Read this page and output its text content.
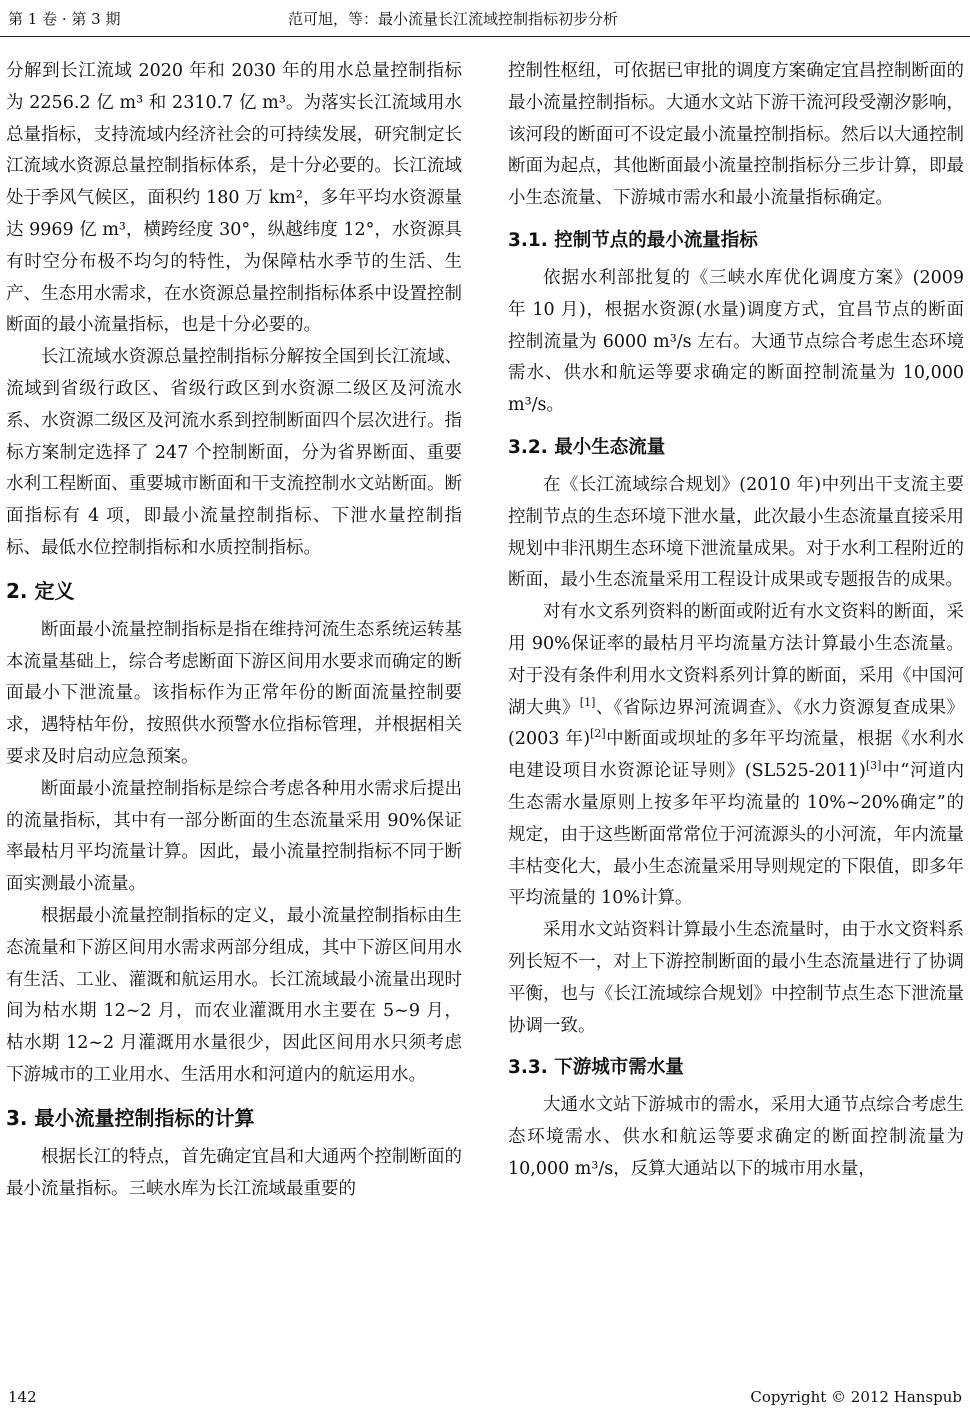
第 1 卷 · 第 3 期	范可旭，等：最小流量长江流域控制指标初步分析

分解到长江流域 2020 年和 2030 年的用水总量控制指标为 2256.2 亿 m³ 和 2310.7 亿 m³。为落实长江流域用水总量指标，支持流域内经济社会的可持续发展，研究制定长江流域水资源总量控制指标体系，是十分必要的。长江流域处于季风气候区，面积约 180 万 km²，多年平均水资源量达 9969 亿 m³，横跨经度 30°，纵越纬度 12°，水资源具有时空分布极不均匀的特性，为保障枯水季节的生活、生产、生态用水需求，在水资源总量控制指标体系中设置控制断面的最小流量指标，也是十分必要的。

长江流域水资源总量控制指标分解按全国到长江流域、流域到省级行政区、省级行政区到水资源二级区及河流水系、水资源二级区及河流水系到控制断面四个层次进行。指标方案制定选择了 247 个控制断面，分为省界断面、重要水利工程断面、重要城市断面和干支流控制水文站断面。断面指标有 4 项，即最小流量控制指标、下泄水量控制指标、最低水位控制指标和水质控制指标。

2. 定义

断面最小流量控制指标是指在维持河流生态系统运转基本流量基础上，综合考虑断面下游区间用水要求而确定的断面最小下泄流量。该指标作为正常年份的断面流量控制要求，遇特枯年份，按照供水预警水位指标管理，并根据相关要求及时启动应急预案。

断面最小流量控制指标是综合考虑各种用水需求后提出的流量指标，其中有一部分断面的生态流量采用 90%保证率最枯月平均流量计算。因此，最小流量控制指标不同于断面实测最小流量。

根据最小流量控制指标的定义，最小流量控制指标由生态流量和下游区间用水需求两部分组成，其中下游区间用水有生活、工业、灌溉和航运用水。长江流域最小流量出现时间为枯水期 12~2 月，而农业灌溉用水主要在 5~9 月，枯水期 12~2 月灌溉用水量很少，因此区间用水只须考虑下游城市的工业用水、生活用水和河道内的航运用水。

3. 最小流量控制指标的计算

根据长江的特点，首先确定宜昌和大通两个控制断面的最小流量指标。三峡水库为长江流域最重要的

控制性枢纽，可依据已审批的调度方案确定宜昌控制断面的最小流量控制指标。大通水文站下游干流河段受潮汐影响，该河段的断面可不设定最小流量控制指标。然后以大通控制断面为起点，其他断面最小流量控制指标分三步计算，即最小生态流量、下游城市需水和最小流量指标确定。

3.1. 控制节点的最小流量指标

依据水利部批复的《三峡水库优化调度方案》(2009 年 10 月)，根据水资源(水量)调度方式，宜昌节点的断面控制流量为 6000 m³/s 左右。大通节点综合考虑生态环境需水、供水和航运等要求确定的断面控制流量为 10,000 m³/s。

3.2. 最小生态流量

在《长江流域综合规划》(2010 年)中列出干支流主要控制节点的生态环境下泄水量，此次最小生态流量直接采用规划中非汛期生态环境下泄流量成果。对于水利工程附近的断面，最小生态流量采用工程设计成果或专题报告的成果。

对有水文系列资料的断面或附近有水文资料的断面，采用 90%保证率的最枯月平均流量方法计算最小生态流量。对于没有条件利用水文资料系列计算的断面，采用《中国河湖大典》[1]、《省际边界河流调查》、《水力资源复查成果》(2003 年)[2]中断面或坝址的多年平均流量，根据《水利水电建设项目水资源论证导则》(SL525-2011)[3]中“河道内生态需水量原则上按多年平均流量的 10%~20%确定”的规定，由于这些断面常常位于河流源头的小河流，年内流量丰枯变化大，最小生态流量采用导则规定的下限值，即多年平均流量的 10%计算。

采用水文站资料计算最小生态流量时，由于水文资料系列长短不一，对上下游控制断面的最小生态流量进行了协调平衡，也与《长江流域综合规划》中控制节点生态下泄流量协调一致。

3.3. 下游城市需水量

大通水文站下游城市的需水，采用大通节点综合考虑生态环境需水、供水和航运等要求确定的断面控制流量为 10,000 m³/s，反算大通站以下的城市用水量，

142	Copyright © 2012 Hanspub
